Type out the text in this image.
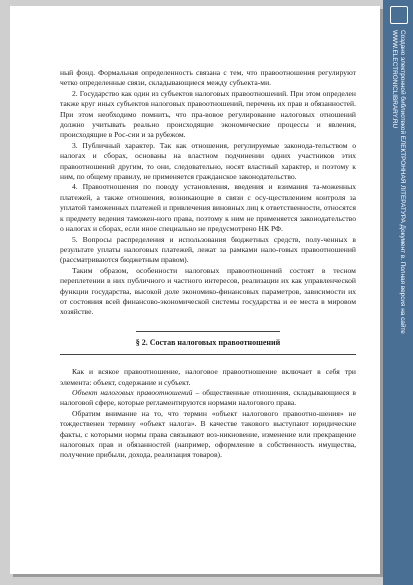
ный фонд. Формальная определенность связана с тем, что правоотношения регулируют четко определенные связи, складывающиеся между субъекта-ми.

2. Государство как один из субъектов налоговых правоотношений. При этом определен также круг иных субъектов налоговых правоотношений, перечень их прав и обязанностей. При этом необходимо помнить, что пра-вовое регулирование налоговых отношений должно учитывать реально происходящие экономические процессы и явления, происходящие в Рос-сии и за рубежом.

3. Публичный характер. Так как отношения, регулируемые законода-тельством о налогах и сборах, основаны на властном подчинении одних участников этих правоотношений другим, то они, следовательно, носят властный характер, и поэтому к ним, по общему правилу, не применяется гражданское законодательство.

4. Правоотношения по поводу установления, введения и взимания та-моженных платежей, а также отношения, возникающие в связи с осу-ществлением контроля за уплатой таможенных платежей и привлечения виновных лиц к ответственности, относятся к предмету ведения таможен-ного права, поэтому к ним не применяется законодательство о налогах и сборах, если иное специально не предусмотрено НК РФ.

5. Вопросы распределения и использования бюджетных средств, полу-ченных в результате уплаты налоговых платежей, лежат за рамками нало-говых правоотношений (рассматриваются бюджетным правом).

Таким образом, особенности налоговых правоотношений состоят в тесном переплетении в них публичного и частного интересов, реализации их как управленческой функции государства, высокой доле экономико-финансовых параметров, зависимости их от состояния всей финансово-экономической системы государства и ее места в мировом хозяйстве.

§ 2. Состав налоговых правоотношений

Как и всякое правоотношение, налоговое правоотношение включает в себя три элемента: объект, содержание и субъект.

Объект налоговых правоотношений – общественные отношения, складывающиеся в налоговой сфере, которые регламентируются нормами налогового права.

Обратим внимание на то, что термин «объект налогового правоотно-шения» не тождественен термину «объект налога». В качестве такового выступают юридические факты, с которыми нормы права связывают воз-никновение, изменение или прекращение налоговых прав и обязанностей (например, оформление в собственность имущества, получение прибыли, дохода, реализация товаров).

Создано электронной библиотекой ЕЛЕКТРОННАЯ ЛІТЕРАТУРА Документ в. Полная версия на сайте
WWW.ELECTRONICLIBRARY.RU
